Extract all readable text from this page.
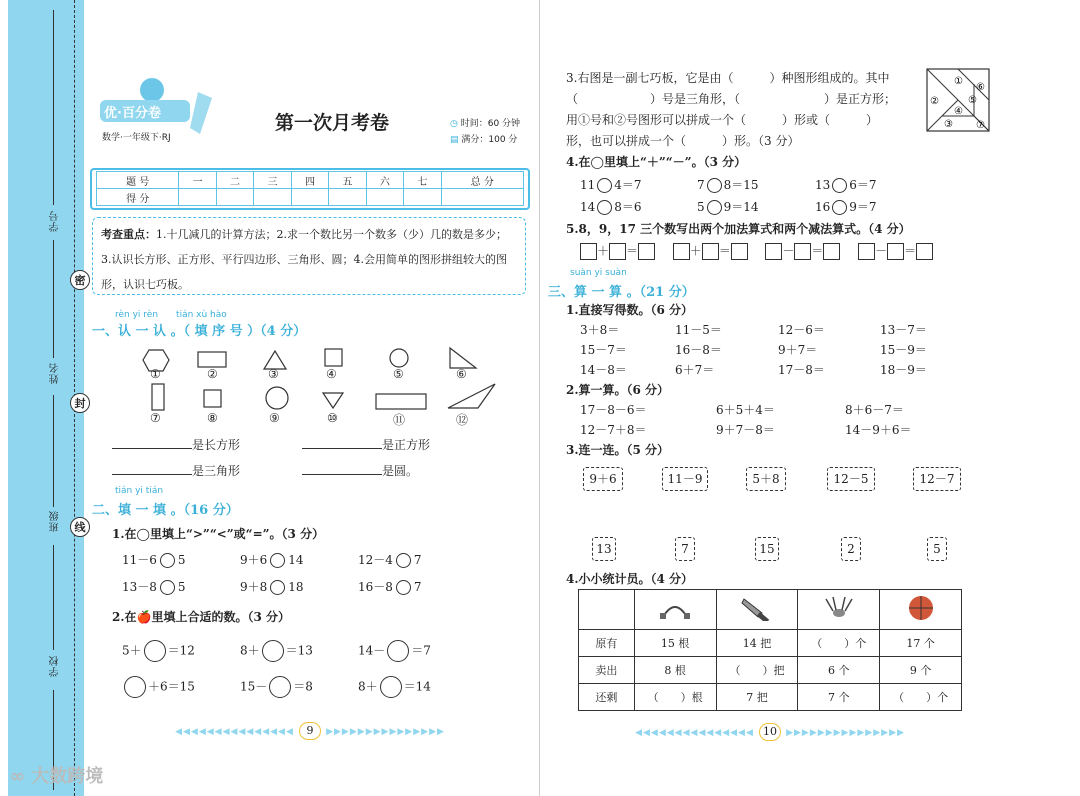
学号
姓名
班级
学校
密
封
线
优·百分卷
数学·一年级下·RJ
第一次月考卷	◷ 时间：60 分钟
▤ 满分：100 分
题 号	一	二	三	四	五	六	七	总 分
得 分								
考查重点：1.十几减几的计算方法；2.求一个数比另一个数多（少）几的数是多少；3.认识长方形、正方形、平行四边形、三角形、圆；4.会用简单的图形拼组较大的图形，认识七巧板。
rèn yi rèn　　tián xù hào
一、认 一 认 。（ 填 序 号 ）（4 分）
①	②	③	④	⑤	⑥
⑦	⑧	⑨	⑩	⑪	⑫
是长方形	是正方形
是三角形	是圆。
tián yi tián
二、填 一 填 。（16 分）
1.在◯里填上“>”“<”或“=”。（3 分）
11－6 5	9＋6 14	12－4 7
13－8 5	9＋8 18	16－8 7
2.在🍎里填上合适的数。（3 分）
5＋ ＝12	8＋ ＝13	14－ ＝7
＋6＝15	15－ ＝8	8＋ ＝14
◀◀◀◀◀◀◀◀◀◀◀◀◀◀◀ 9 ▶▶▶▶▶▶▶▶▶▶▶▶▶▶▶
3.右图是一副七巧板，它是由（　　　）种图形组成的。其中
（　　　　　　）号是三角形，（　　　　　　　）是正方形；
用①号和②号图形可以拼成一个（　　　）形或（　　　）
形，也可以拼成一个（　　　）形。（3 分）
①
②
③
④
⑤
⑥
⑦
4.在◯里填上“＋”“－”。（3 分）
11 4＝7	7 8＝15	13 6＝7
14 8＝6	5 9＝14	16 9＝7
5.8，9，17 三个数写出两个加法算式和两个减法算式。（4 分）
＋ ＝	＋ ＝	－ ＝	－ ＝
suàn yi suàn
三、算 一 算 。（21 分）
1.直接写得数。（6 分）
3＋8＝	11－5＝	12－6＝	13－7＝
15－7＝	16－8＝	9＋7＝	15－9＝
14－8＝	6＋7＝	17－8＝	18－9＝
2.算一算。（6 分）
17－8－6＝	6＋5＋4＝	8＋6－7＝
12－7＋8＝	9＋7－8＝	14－9＋6＝
3.连一连。（5 分）
9＋6	11－9	5＋8	12－5	12－7
13	7	15	2	5
4.小小统计员。（4 分）

原有	15 根	14 把	（　　）个	17 个
卖出	8 根	（　　）把	6 个	9 个
还剩	（　　）根	7 把	7 个	（　　）个
◀◀◀◀◀◀◀◀◀◀◀◀◀◀◀ 10 ▶▶▶▶▶▶▶▶▶▶▶▶▶▶▶
∞ 大数跨境
